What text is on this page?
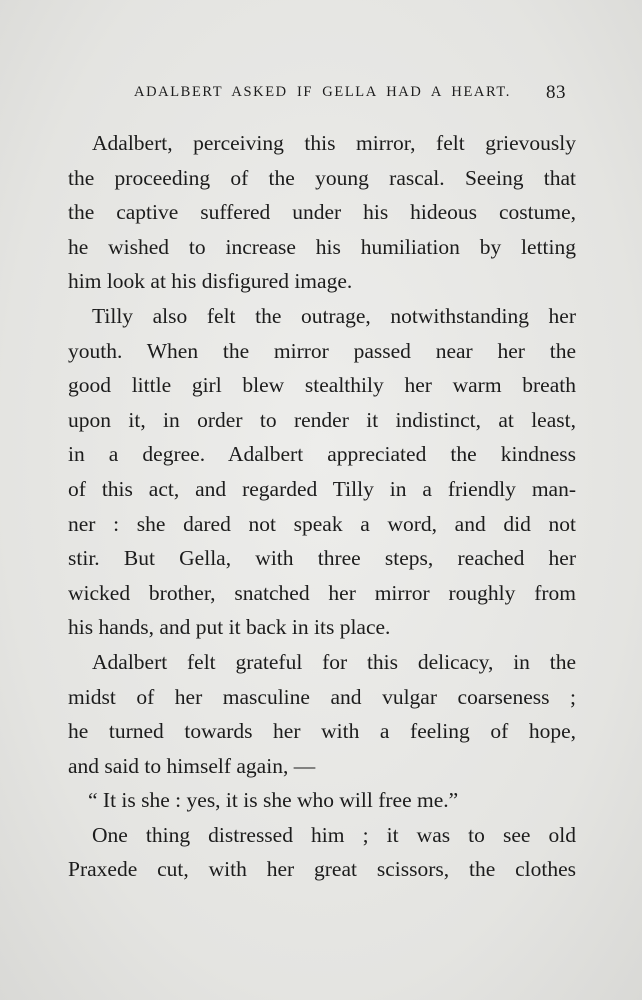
ADALBERT ASKED IF GELLA HAD A HEART. 83
Adalbert, perceiving this mirror, felt grievously
the proceeding of the young rascal. Seeing that
the captive suffered under his hideous costume,
he wished to increase his humiliation by letting
him look at his disfigured image.
Tilly also felt the outrage, notwithstanding her
youth. When the mirror passed near her the
good little girl blew stealthily her warm breath
upon it, in order to render it indistinct, at least,
in a degree. Adalbert appreciated the kindness
of this act, and regarded Tilly in a friendly man-
ner : she dared not speak a word, and did not
stir. But Gella, with three steps, reached her
wicked brother, snatched her mirror roughly from
his hands, and put it back in its place.
Adalbert felt grateful for this delicacy, in the
midst of her masculine and vulgar coarseness ;
he turned towards her with a feeling of hope,
and said to himself again, —
“ It is she : yes, it is she who will free me.”
One thing distressed him ; it was to see old
Praxede cut, with her great scissors, the clothes
